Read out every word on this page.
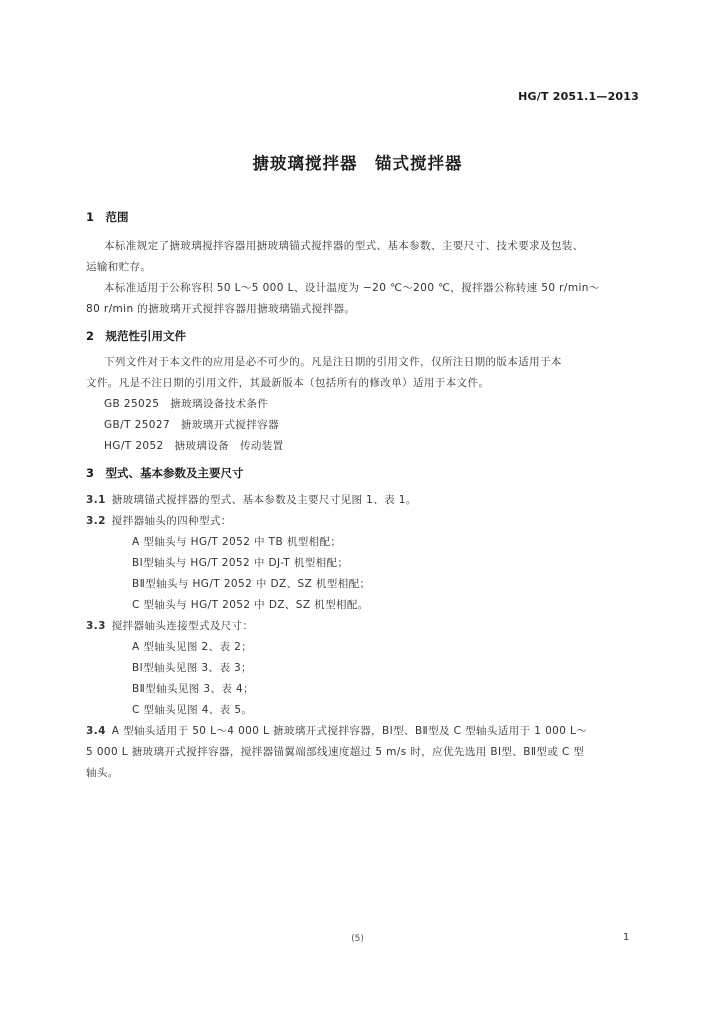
HG/T 2051.1—2013
搪玻璃搅拌器　锚式搅拌器
1　范围
本标准规定了搪玻璃搅拌容器用搪玻璃锚式搅拌器的型式、基本参数、主要尺寸、技术要求及包装、
运输和贮存。
本标准适用于公称容积 50 L～5 000 L、设计温度为 −20 ℃～200 ℃，搅拌器公称转速 50 r/min～
80 r/min 的搪玻璃开式搅拌容器用搪玻璃锚式搅拌器。
2　规范性引用文件
下列文件对于本文件的应用是必不可少的。凡是注日期的引用文件，仅所注日期的版本适用于本
文件。凡是不注日期的引用文件，其最新版本（包括所有的修改单）适用于本文件。
GB 25025　搪玻璃设备技术条件
GB/T 25027　搪玻璃开式搅拌容器
HG/T 2052　搪玻璃设备　传动装置
3　型式、基本参数及主要尺寸
3.1 搪玻璃锚式搅拌器的型式、基本参数及主要尺寸见图 1、表 1。
3.2 搅拌器轴头的四种型式：
A 型轴头与 HG/T 2052 中 TB 机型相配；
BⅠ型轴头与 HG/T 2052 中 DJ-T 机型相配；
BⅡ型轴头与 HG/T 2052 中 DZ、SZ 机型相配；
C 型轴头与 HG/T 2052 中 DZ、SZ 机型相配。
3.3 搅拌器轴头连接型式及尺寸：
A 型轴头见图 2、表 2；
BⅠ型轴头见图 3、表 3；
BⅡ型轴头见图 3、表 4；
C 型轴头见图 4、表 5。
3.4 A 型轴头适用于 50 L～4 000 L 搪玻璃开式搅拌容器，BⅠ型、BⅡ型及 C 型轴头适用于 1 000 L～
5 000 L 搪玻璃开式搅拌容器，搅拌器锚翼端部线速度超过 5 m/s 时，应优先选用 BⅠ型、BⅡ型或 C 型
轴头。
(5)	1
